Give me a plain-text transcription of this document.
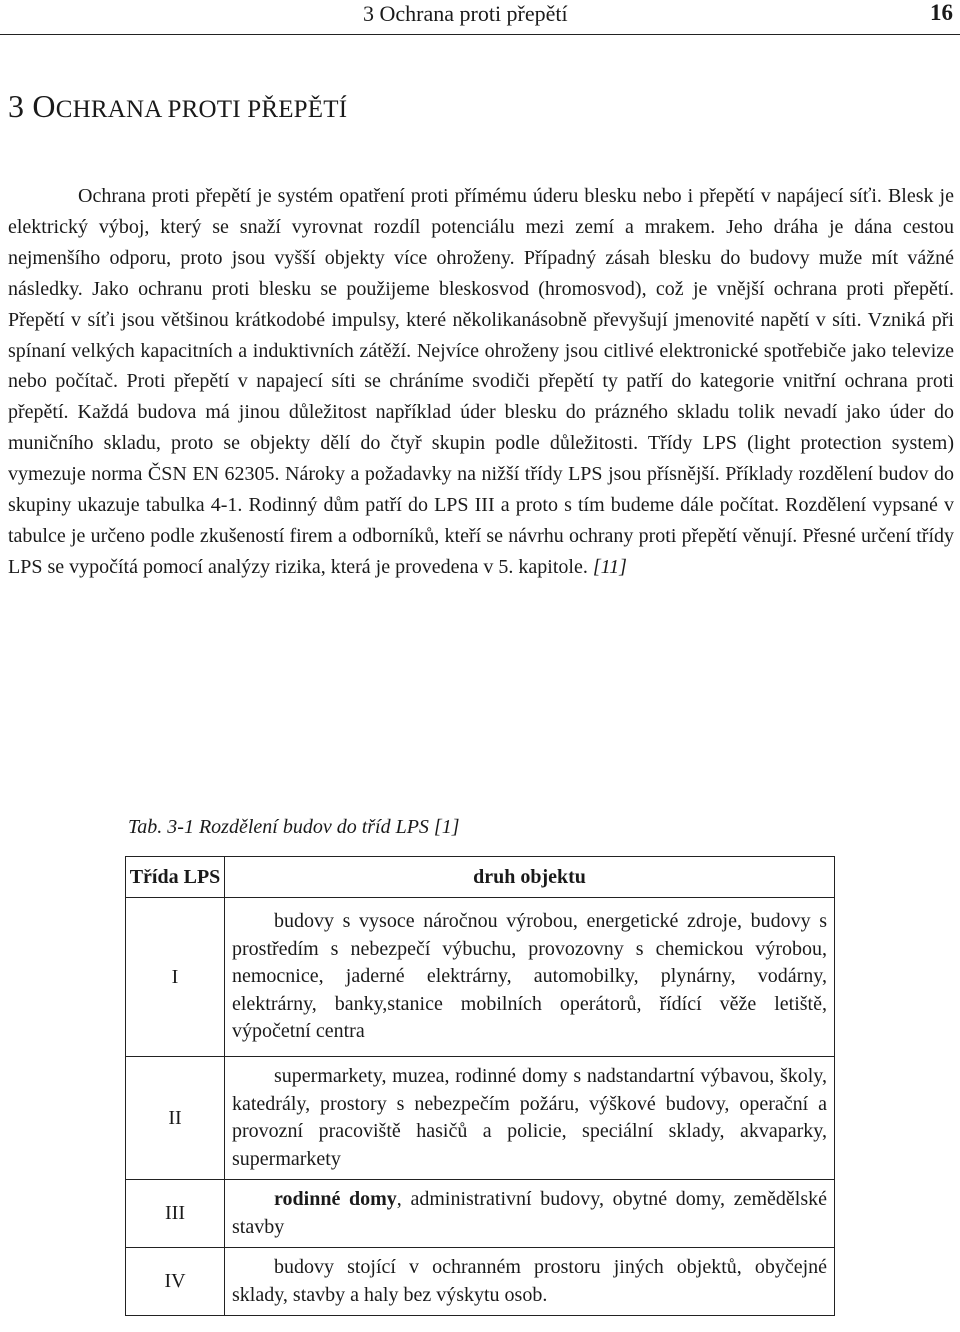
3 Ochrana proti přepětí	16
3 OCHRANA PROTI PŘEPĚTÍ

Ochrana proti přepětí je systém opatření proti přímému úderu blesku nebo i přepětí v napájecí síťi. Blesk je elektrický výboj, který se snaží vyrovnat rozdíl potenciálu mezi zemí a mrakem. Jeho dráha je dána cestou nejmenšího odporu, proto jsou vyšší objekty více ohroženy. Případný zásah blesku do budovy muže mít vážné následky. Jako ochranu proti blesku se použijeme bleskosvod (hromosvod), což je vnější ochrana proti přepětí. Přepětí v síťi jsou většinou krátkodobé impulsy, které několikanásobně převyšují jmenovité napětí v síti. Vzniká při spínaní velkých kapacitních a induktivních zátěží. Nejvíce ohroženy jsou citlivé elektronické spotřebiče jako televize nebo počítač. Proti přepětí v napajecí síti se chráníme svodiči přepětí ty patří do kategorie vnitřní ochrana proti přepětí. Každá budova má jinou důležitost například úder blesku do prázného skladu tolik nevadí jako úder do muničního skladu, proto se objekty dělí do čtyř skupin podle důležitosti. Třídy LPS (light protection system) vymezuje norma ČSN EN 62305. Nároky a požadavky na nižší třídy LPS jsou přísnější. Příklady rozdělení budov do skupiny ukazuje tabulka 4-1. Rodinný dům patří do LPS III a proto s tím budeme dále počítat. Rozdělení vypsané v tabulce je určeno podle zkušeností firem a odborníků, kteří se návrhu ochrany proti přepětí věnují. Přesné určení třídy LPS se vypočítá pomocí analýzy rizika, která je provedena v 5. kapitole. [11]

Tab. 3-1 Rozdělení budov do tříd LPS [1]
Třída LPS	druh objektu
I	budovy s vysoce náročnou výrobou, energetické zdroje, budovy s prostředím s nebezpečí výbuchu, provozovny s chemickou výrobou, nemocnice, jaderné elektrárny, automobilky, plynárny, vodárny, elektrárny, banky,stanice mobilních operátorů, řídící věže letiště, výpočetní centra
II	supermarkety, muzea, rodinné domy s nadstandartní výbavou, školy, katedrály, prostory s nebezpečím požáru, výškové budovy, operační a provozní pracoviště hasičů a policie, speciální sklady, akvaparky, supermarkety
III	rodinné domy, administrativní budovy, obytné domy, zemědělské stavby
IV	budovy stojící v ochranném prostoru jiných objektů, obyčejné sklady, stavby a haly bez výskytu osob.
